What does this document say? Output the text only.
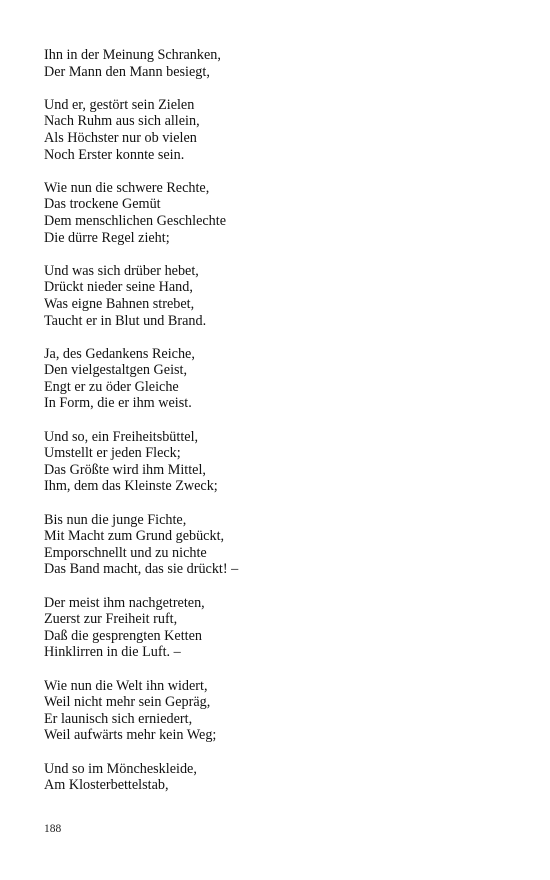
Ihn in der Meinung Schranken,
Der Mann den Mann besiegt,
Und er, gestört sein Zielen
Nach Ruhm aus sich allein,
Als Höchster nur ob vielen
Noch Erster konnte sein.
Wie nun die schwere Rechte,
Das trockene Gemüt
Dem menschlichen Geschlechte
Die dürre Regel zieht;
Und was sich drüber hebet,
Drückt nieder seine Hand,
Was eigne Bahnen strebet,
Taucht er in Blut und Brand.
Ja, des Gedankens Reiche,
Den vielgestaltgen Geist,
Engt er zu öder Gleiche
In Form, die er ihm weist.
Und so, ein Freiheitsbüttel,
Umstellt er jeden Fleck;
Das Größte wird ihm Mittel,
Ihm, dem das Kleinste Zweck;
Bis nun die junge Fichte,
Mit Macht zum Grund gebückt,
Emporschnellt und zu nichte
Das Band macht, das sie drückt! –
Der meist ihm nachgetreten,
Zuerst zur Freiheit ruft,
Daß die gesprengten Ketten
Hinklirren in die Luft. –
Wie nun die Welt ihn widert,
Weil nicht mehr sein Gepräg,
Er launisch sich erniedert,
Weil aufwärts mehr kein Weg;
Und so im Möncheskleide,
Am Klosterbettelstab,
188
